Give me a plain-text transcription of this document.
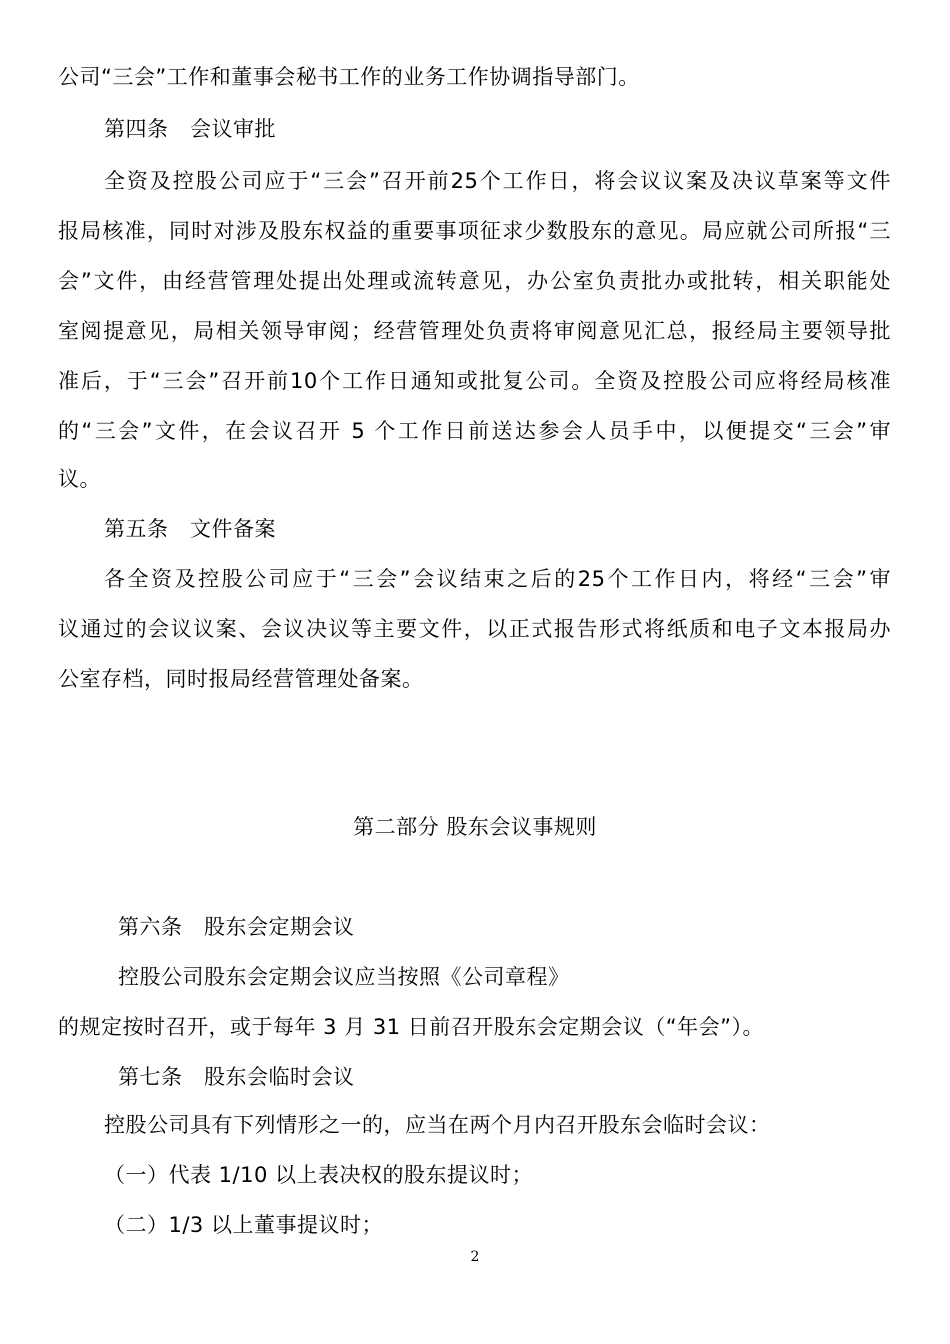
公司“三会”工作和董事会秘书工作的业务工作协调指导部门。
第四条　会议审批
全资及控股公司应于“三会”召开前25个工作日，将会议议案及决议草案等文件
报局核准，同时对涉及股东权益的重要事项征求少数股东的意见。局应就公司所报“三
会”文件，由经营管理处提出处理或流转意见，办公室负责批办或批转，相关职能处
室阅提意见，局相关领导审阅；经营管理处负责将审阅意见汇总，报经局主要领导批
准后，于“三会”召开前10个工作日通知或批复公司。全资及控股公司应将经局核准
的“三会”文件，在会议召开 5 个工作日前送达参会人员手中，以便提交“三会”审
议。
第五条　文件备案
各全资及控股公司应于“三会”会议结束之后的25个工作日内，将经“三会”审
议通过的会议议案、会议决议等主要文件，以正式报告形式将纸质和电子文本报局办
公室存档，同时报局经营管理处备案。
第二部分 股东会议事规则
第六条　股东会定期会议
控股公司股东会定期会议应当按照《公司章程》
的规定按时召开，或于每年 3 月 31 日前召开股东会定期会议（“年会”）。
第七条　股东会临时会议
控股公司具有下列情形之一的，应当在两个月内召开股东会临时会议：
（一）代表 1/10 以上表决权的股东提议时；
（二）1/3 以上董事提议时；
2
